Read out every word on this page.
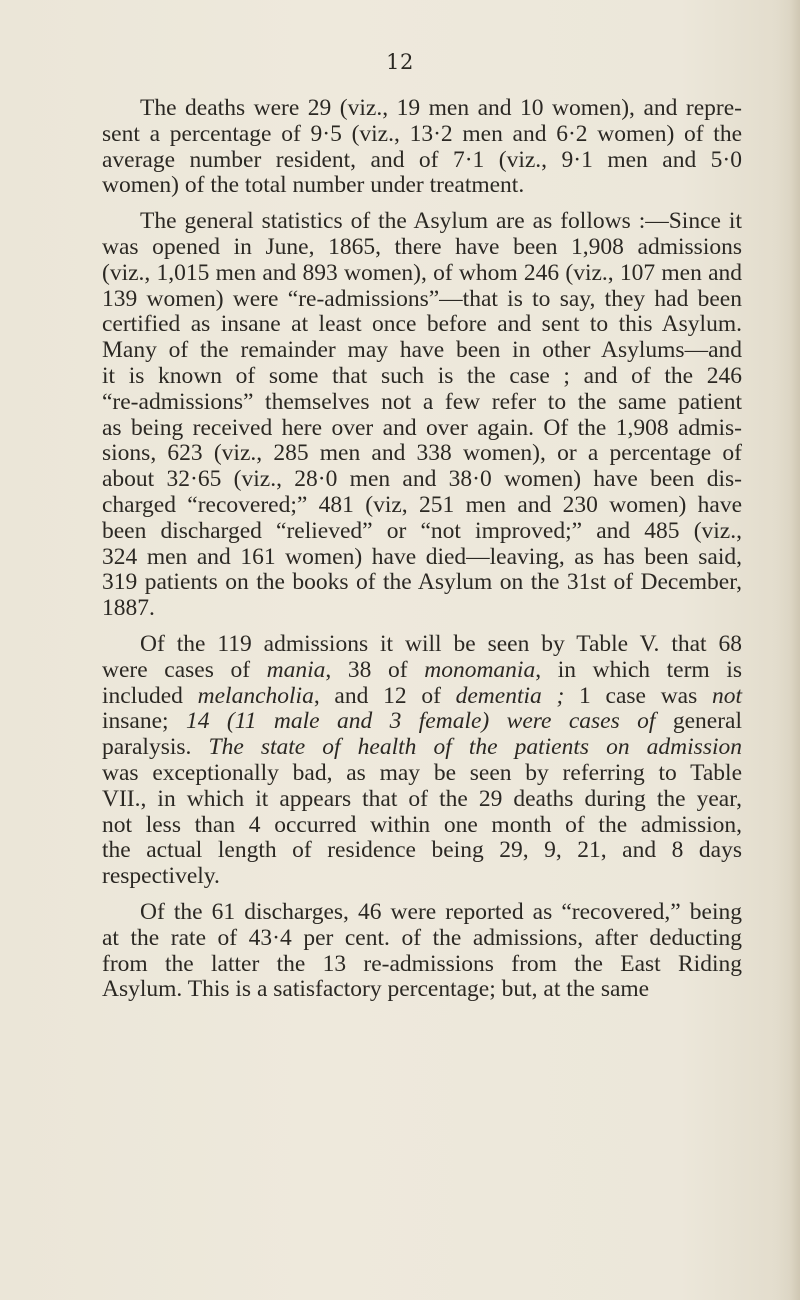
12
The deaths were 29 (viz., 19 men and 10 women), and repre-
sent a percentage of 9·5 (viz., 13·2 men and 6·2 women) of the
average number resident, and of 7·1 (viz., 9·1 men and 5·0
women) of the total number under treatment.
The general statistics of the Asylum are as follows :—Since it
was opened in June, 1865, there have been 1,908 admissions
(viz., 1,015 men and 893 women), of whom 246 (viz., 107 men and
139 women) were “re-admissions”—that is to say, they had been
certified as insane at least once before and sent to this Asylum.
Many of the remainder may have been in other Asylums—and
it is known of some that such is the case ; and of the 246
“re-admissions” themselves not a few refer to the same patient
as being received here over and over again. Of the 1,908 admis-
sions, 623 (viz., 285 men and 338 women), or a percentage of
about 32·65 (viz., 28·0 men and 38·0 women) have been dis-
charged “recovered;” 481 (viz, 251 men and 230 women) have
been discharged “relieved” or “not improved;” and 485 (viz.,
324 men and 161 women) have died—leaving, as has been said,
319 patients on the books of the Asylum on the 31st of December,
1887.
Of the 119 admissions it will be seen by Table V. that 68
were cases of mania, 38 of monomania, in which term is
included melancholia, and 12 of dementia ; 1 case was not
insane; 14 (11 male and 3 female) were cases of general
paralysis. The state of health of the patients on admission
was exceptionally bad, as may be seen by referring to Table
VII., in which it appears that of the 29 deaths during the year,
not less than 4 occurred within one month of the admission,
the actual length of residence being 29, 9, 21, and 8 days
respectively.
Of the 61 discharges, 46 were reported as “recovered,” being
at the rate of 43·4 per cent. of the admissions, after deducting
from the latter the 13 re-admissions from the East Riding
Asylum. This is a satisfactory percentage; but, at the same
